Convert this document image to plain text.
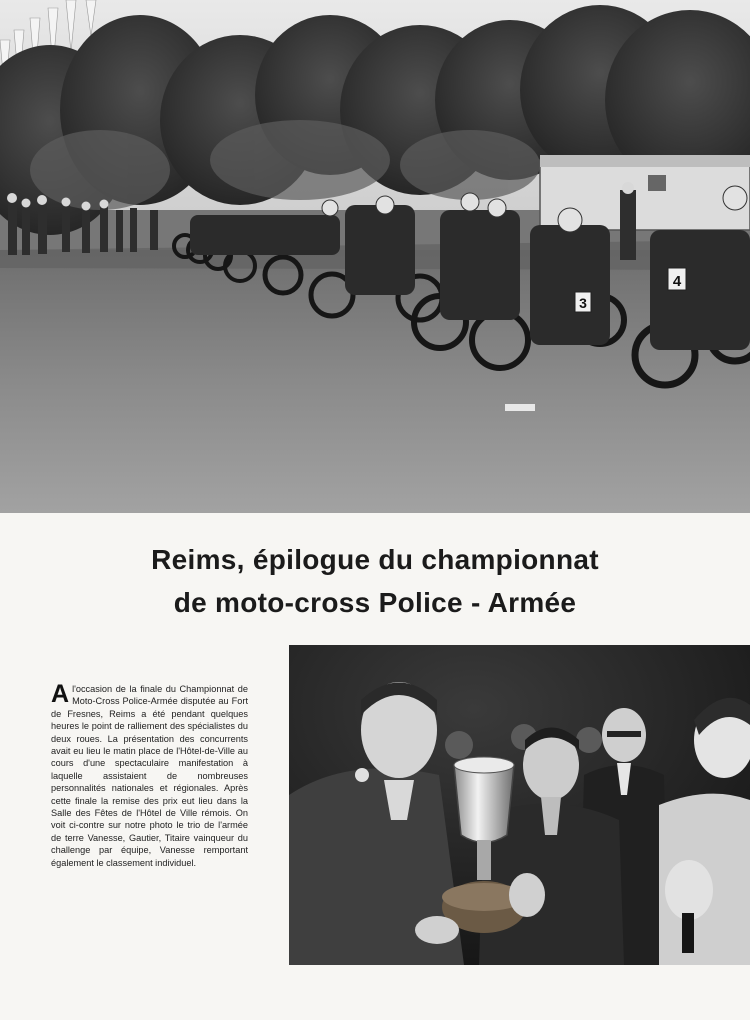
3
4
Reims, épilogue du championnat
de moto-cross Police - Armée
Al'occasion de la finale du Championnat de Moto-Cross Police-Armée disputée au Fort de Fresnes, Reims a été pendant quelques heures le point de ralliement des spécialistes du deux roues. La présentation des concurrents avait eu lieu le matin place de l'Hôtel-de-Ville au cours d'une spectaculaire manifestation à laquelle assistaient de nombreuses personnalités nationales et régionales. Après cette finale la remise des prix eut lieu dans la Salle des Fêtes de l'Hôtel de Ville rémois. On voit ci-contre sur notre photo le trio de l'armée de terre Vanesse, Gautier, Titaire vainqueur du challenge par équipe, Vanesse remportant également le classement individuel.
